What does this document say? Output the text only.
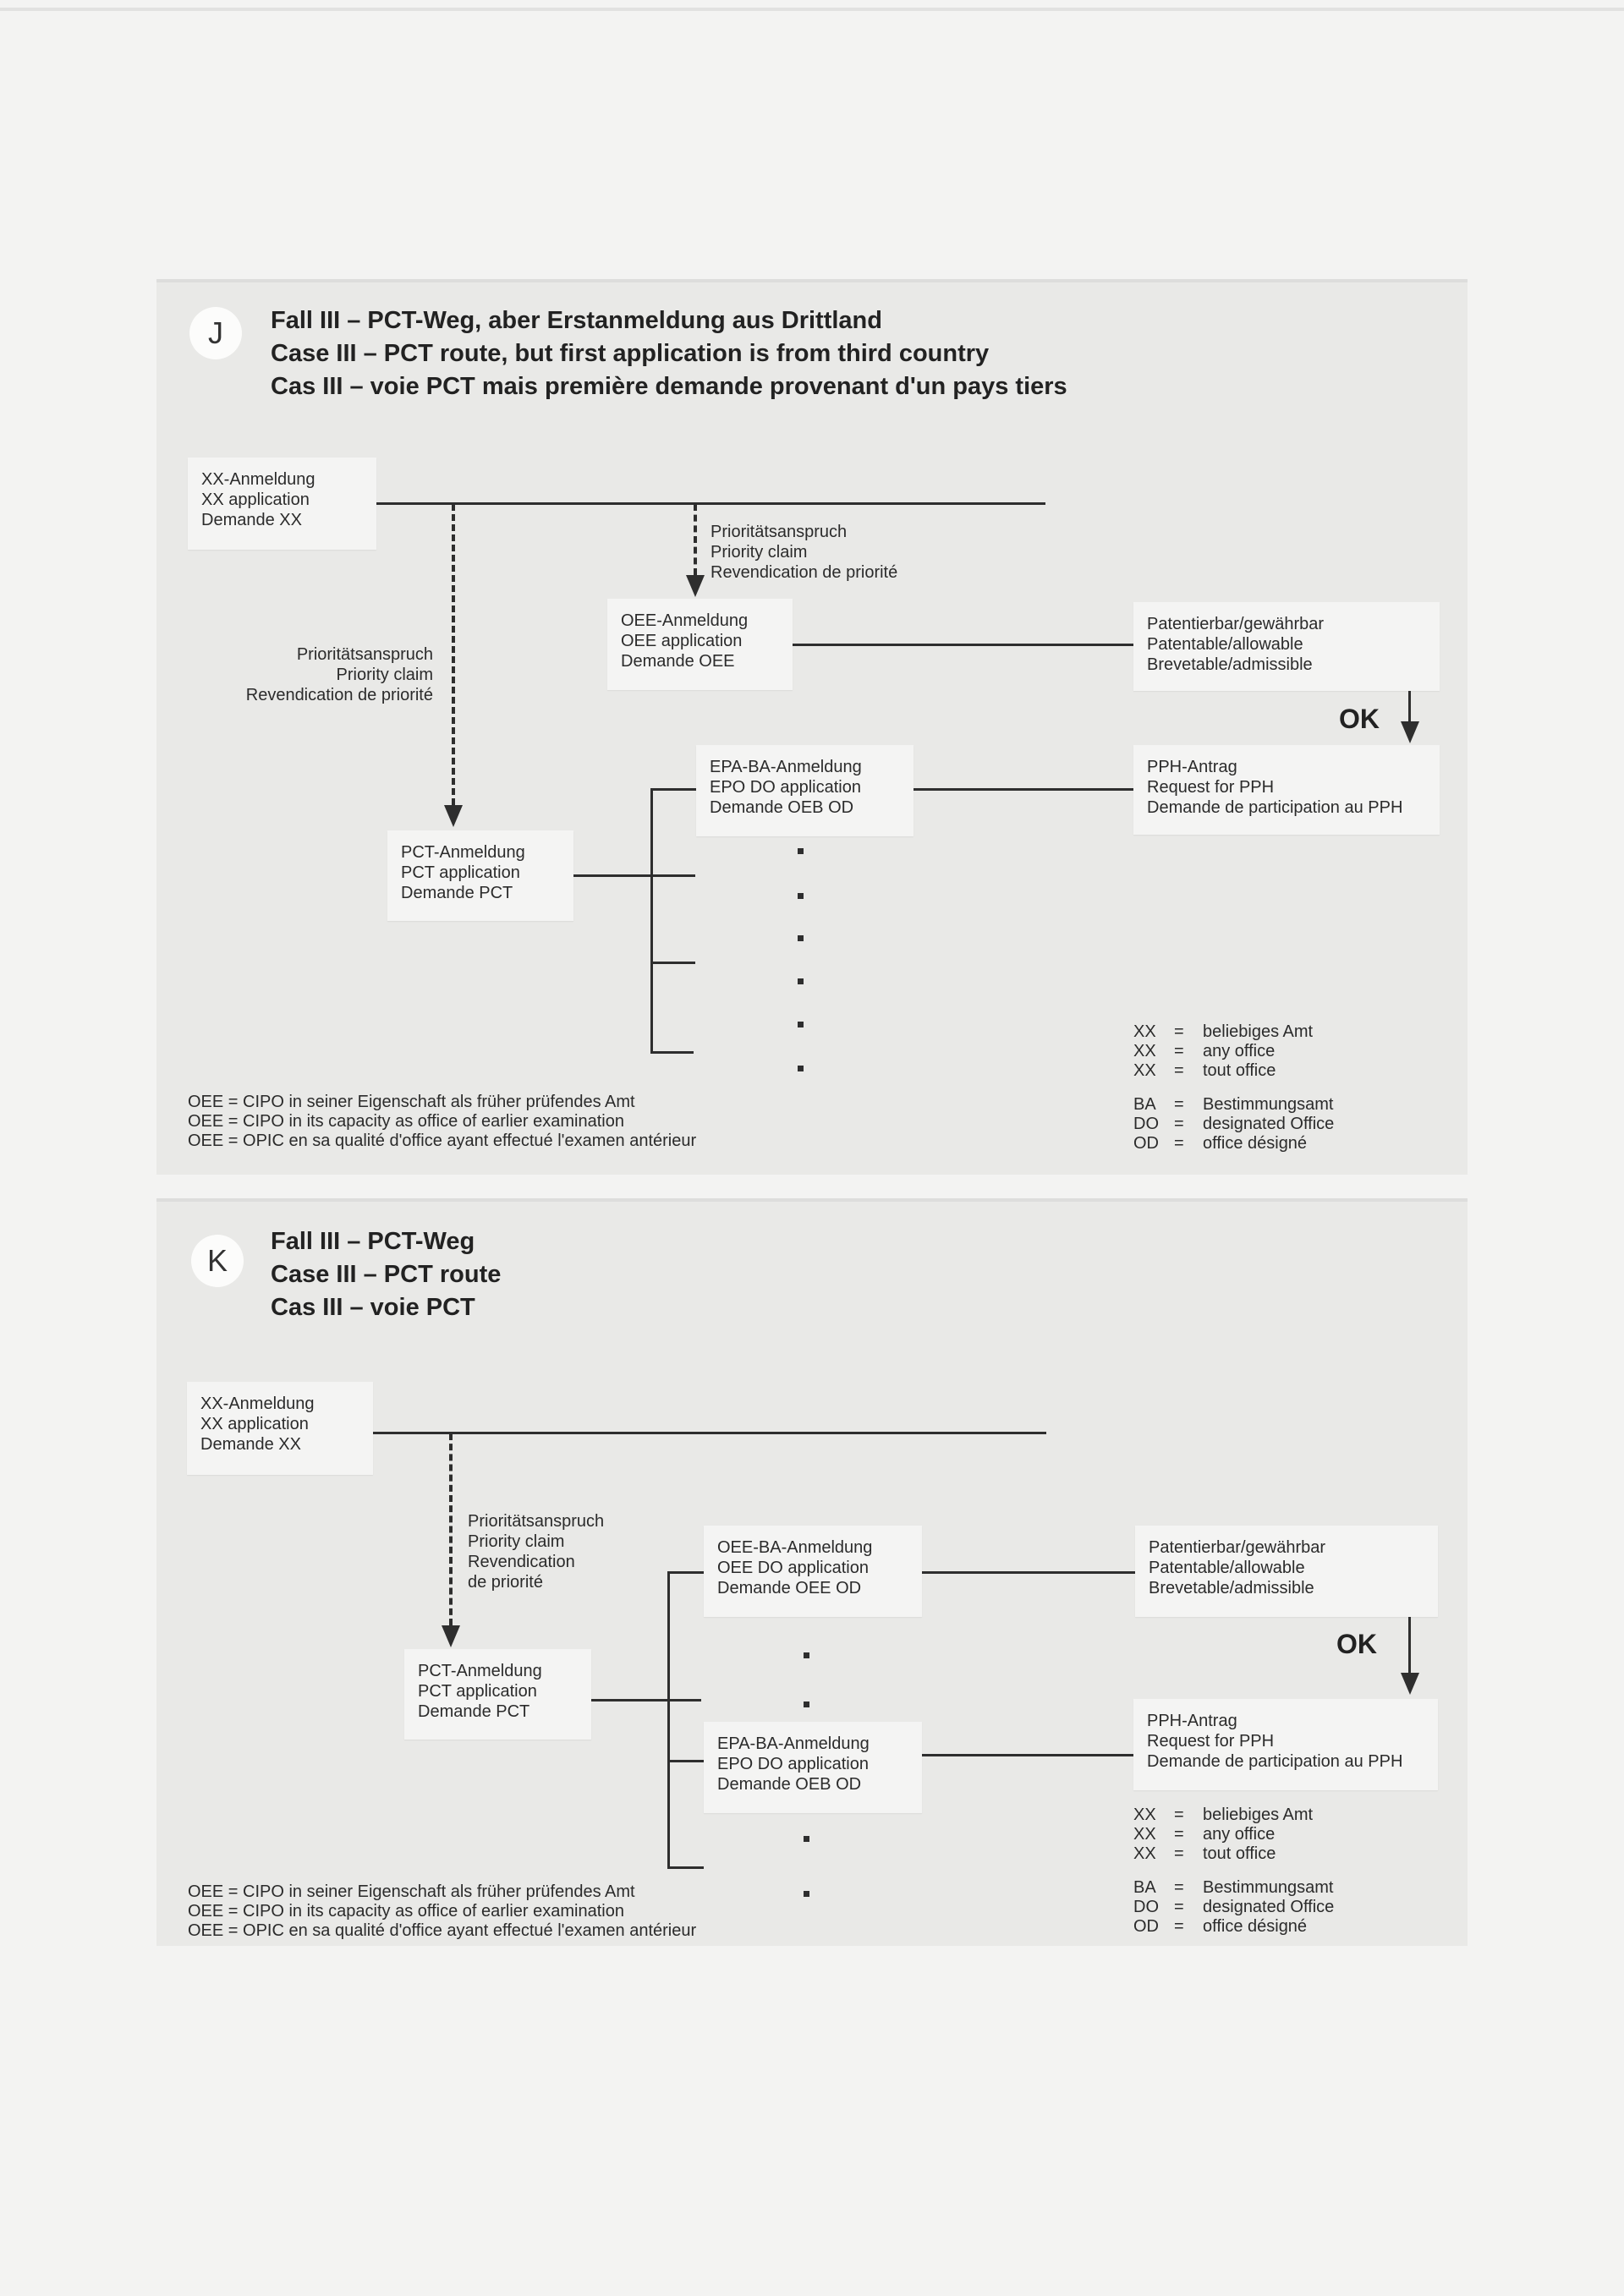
J Fall III – PCT-Weg, aber Erstanmeldung aus Drittland
Case III – PCT route, but first application is from third country
Cas III – voie PCT mais première demande provenant d'un pays tiers
XX-Anmeldung
XX application
Demande XX
Prioritätsanspruch
Priority claim
Revendication de priorité
OEE-Anmeldung
OEE application
Demande OEE
Patentierbar/gewährbar
Patentable/allowable
Brevetable/admissible
OK
PPH-Antrag
Request for PPH
Demande de participation au PPH
Prioritätsanspruch
Priority claim
Revendication de priorité
PCT-Anmeldung
PCT application
Demande PCT
EPA-BA-Anmeldung
EPO DO application
Demande OEB OD
OEE = CIPO in seiner Eigenschaft als früher prüfendes Amt
OEE = CIPO in its capacity as office of earlier examination
OEE = OPIC en sa qualité d'office ayant effectué l'examen antérieur
XX	=	beliebiges Amt
XX	=	any office
XX	=	tout office
BA	=	Bestimmungsamt
DO =	designated Office
OD =	office désigné
K
Fall III – PCT-Weg
Case III – PCT route
Cas III – voie PCT
XX-Anmeldung
XX application
Demande XX
Prioritätsanspruch
Priority claim
Revendication
de priorité
PCT-Anmeldung
PCT application
Demande PCT
OEE-BA-Anmeldung
OEE DO application
Demande OEE OD
Patentierbar/gewährbar
Patentable/allowable
Brevetable/admissible
OK
PPH-Antrag
Request for PPH
Demande de participation au PPH
EPA-BA-Anmeldung
EPO DO application
Demande OEB OD
OEE = CIPO in seiner Eigenschaft als früher prüfendes Amt
OEE = CIPO in its capacity as office of earlier examination
OEE = OPIC en sa qualité d'office ayant effectué l'examen antérieur
XX	=	beliebiges Amt
XX	=	any office
XX	=	tout office
BA	=	Bestimmungsamt
DO =	designated Office
OD =	office désigné
